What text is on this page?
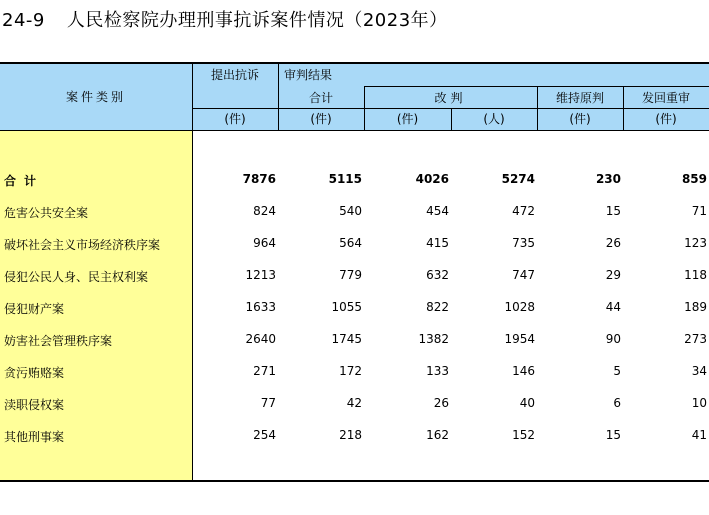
24-9 人民检察院办理刑事抗诉案件情况（2023年）
案件类别
提出抗诉	审判结果
合计	改判	维持原判	发回重审
(件)	(件)	(件)	(人)	(件)	(件)
合计	7876	5115	4026	5274	230	859
危害公共安全案	824	540	454	472	15	71
破坏社会主义市场经济秩序案	964	564	415	735	26	123
侵犯公民人身、民主权利案	1213	779	632	747	29	118
侵犯财产案	1633	1055	822	1028	44	189
妨害社会管理秩序案	2640	1745	1382	1954	90	273
贪污贿赂案	271	172	133	146	5	34
渎职侵权案	77	42	26	40	6	10
其他刑事案	254	218	162	152	15	41
